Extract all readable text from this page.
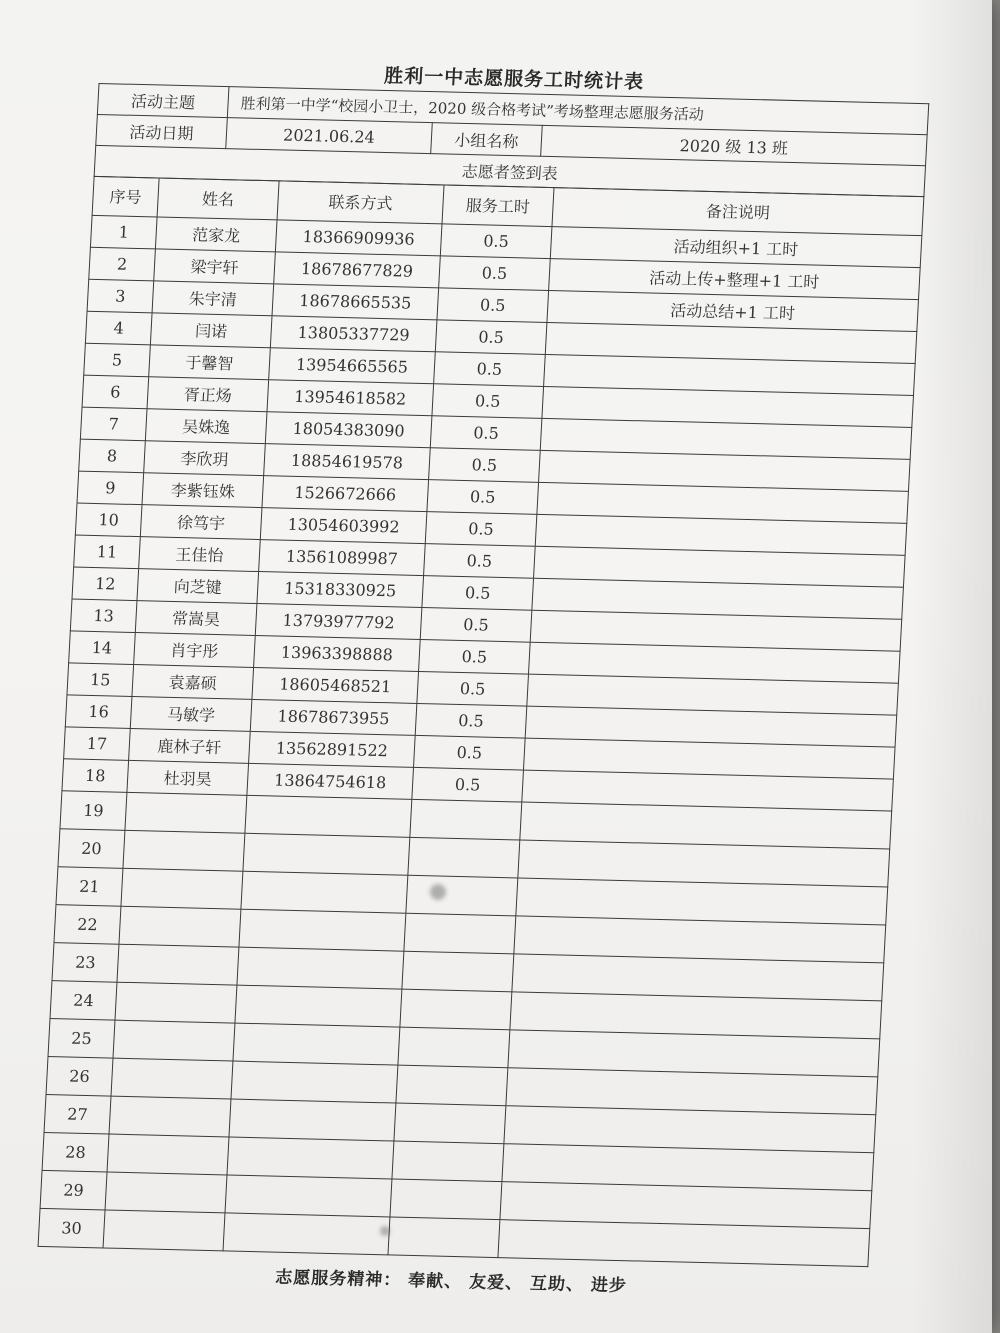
胜利一中志愿服务工时统计表
活动主题	胜利第一中学“校园小卫士，2020 级合格考试”考场整理志愿服务活动		
活动日期	2021.06.24	小组名称	2020 级 13 班
志愿者签到表			
序号	姓名	联系方式	服务工时	备注说明
1	范家龙	18366909936	0.5	活动组织+1 工时
2	梁宇轩	18678677829	0.5	活动上传+整理+1 工时
3	朱宇清	18678665535	0.5	活动总结+1 工时
4	闫诺	13805337729	0.5	
5	于馨智	13954665565	0.5	
6	胥正炀	13954618582	0.5	
7	吴姝逸	18054383090	0.5	
8	李欣玥	18854619578	0.5	
9	李紫钰姝	1526672666	0.5	
10	徐笃宇	13054603992	0.5	
11	王佳怡	13561089987	0.5	
12	向芝键	15318330925	0.5	
13	常嵩昊	13793977792	0.5	
14	肖宇彤	13963398888	0.5	
15	袁嘉硕	18605468521	0.5	
16	马敏学	18678673955	0.5	
17	鹿林子轩	13562891522	0.5	
18	杜羽昊	13864754618	0.5	
19				
20				
21				
22				
23				
24				
25				
26				
27				
28				
29				
30				
志愿服务精神： 奉献、 友爱、 互助、 进步
